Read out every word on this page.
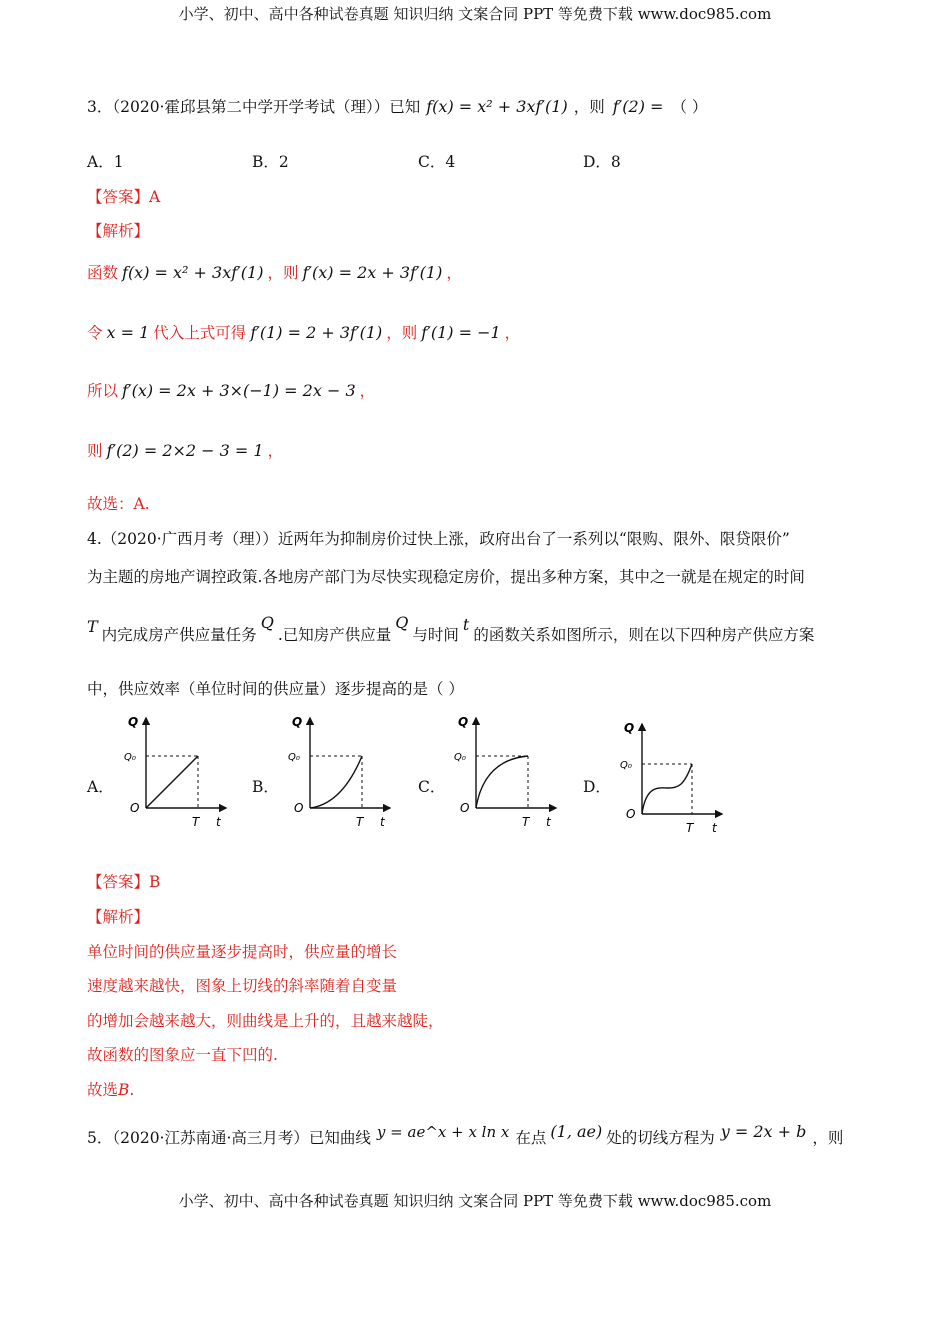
小学、初中、高中各种试卷真题 知识归纳 文案合同 PPT 等免费下载 www.doc985.com
3．（2020·霍邱县第二中学开学考试（理））已知 f(x) = x² + 3xf′(1) ，则 f′(2) = （ ）
A．1	B．2	C．4	D．8
【答案】A
【解析】
函数 f(x) = x² + 3xf′(1) ，则 f′(x) = 2x + 3f′(1) ，
令 x = 1 代入上式可得 f′(1) = 2 + 3f′(1) ，则 f′(1) = −1 ，
所以 f′(x) = 2x + 3×(−1) = 2x − 3 ，
则 f′(2) = 2×2 − 3 = 1 ，
故选：A.
4.（2020·广西月考（理））近两年为抑制房价过快上涨，政府出台了一系列以“限购、限外、限贷限价”
为主题的房地产调控政策.各地房产部门为尽快实现稳定房价，提出多种方案，其中之一就是在规定的时间
T 内完成房产供应量任务Q.已知房产供应量Q与时间t的函数关系如图所示，则在以下四种房产供应方案
中，供应效率（单位时间的供应量）逐步提高的是（ ）
A．	B．	C．	D．
Q
Q₀
O
T t
Q
Q₀
O
T t
Q
Q₀
O
T t
Q
Q₀
O
T t
【答案】B
【解析】
单位时间的供应量逐步提高时，供应量的增长
速度越来越快，图象上切线的斜率随着自变量
的增加会越来越大，则曲线是上升的，且越来越陡，
故函数的图象应一直下凹的.
故选B.
5．（2020·江苏南通·高三月考）已知曲线 y = ae^x + x ln x 在点 (1, ae) 处的切线方程为 y = 2x + b ，则
小学、初中、高中各种试卷真题 知识归纳 文案合同 PPT 等免费下载 www.doc985.com
